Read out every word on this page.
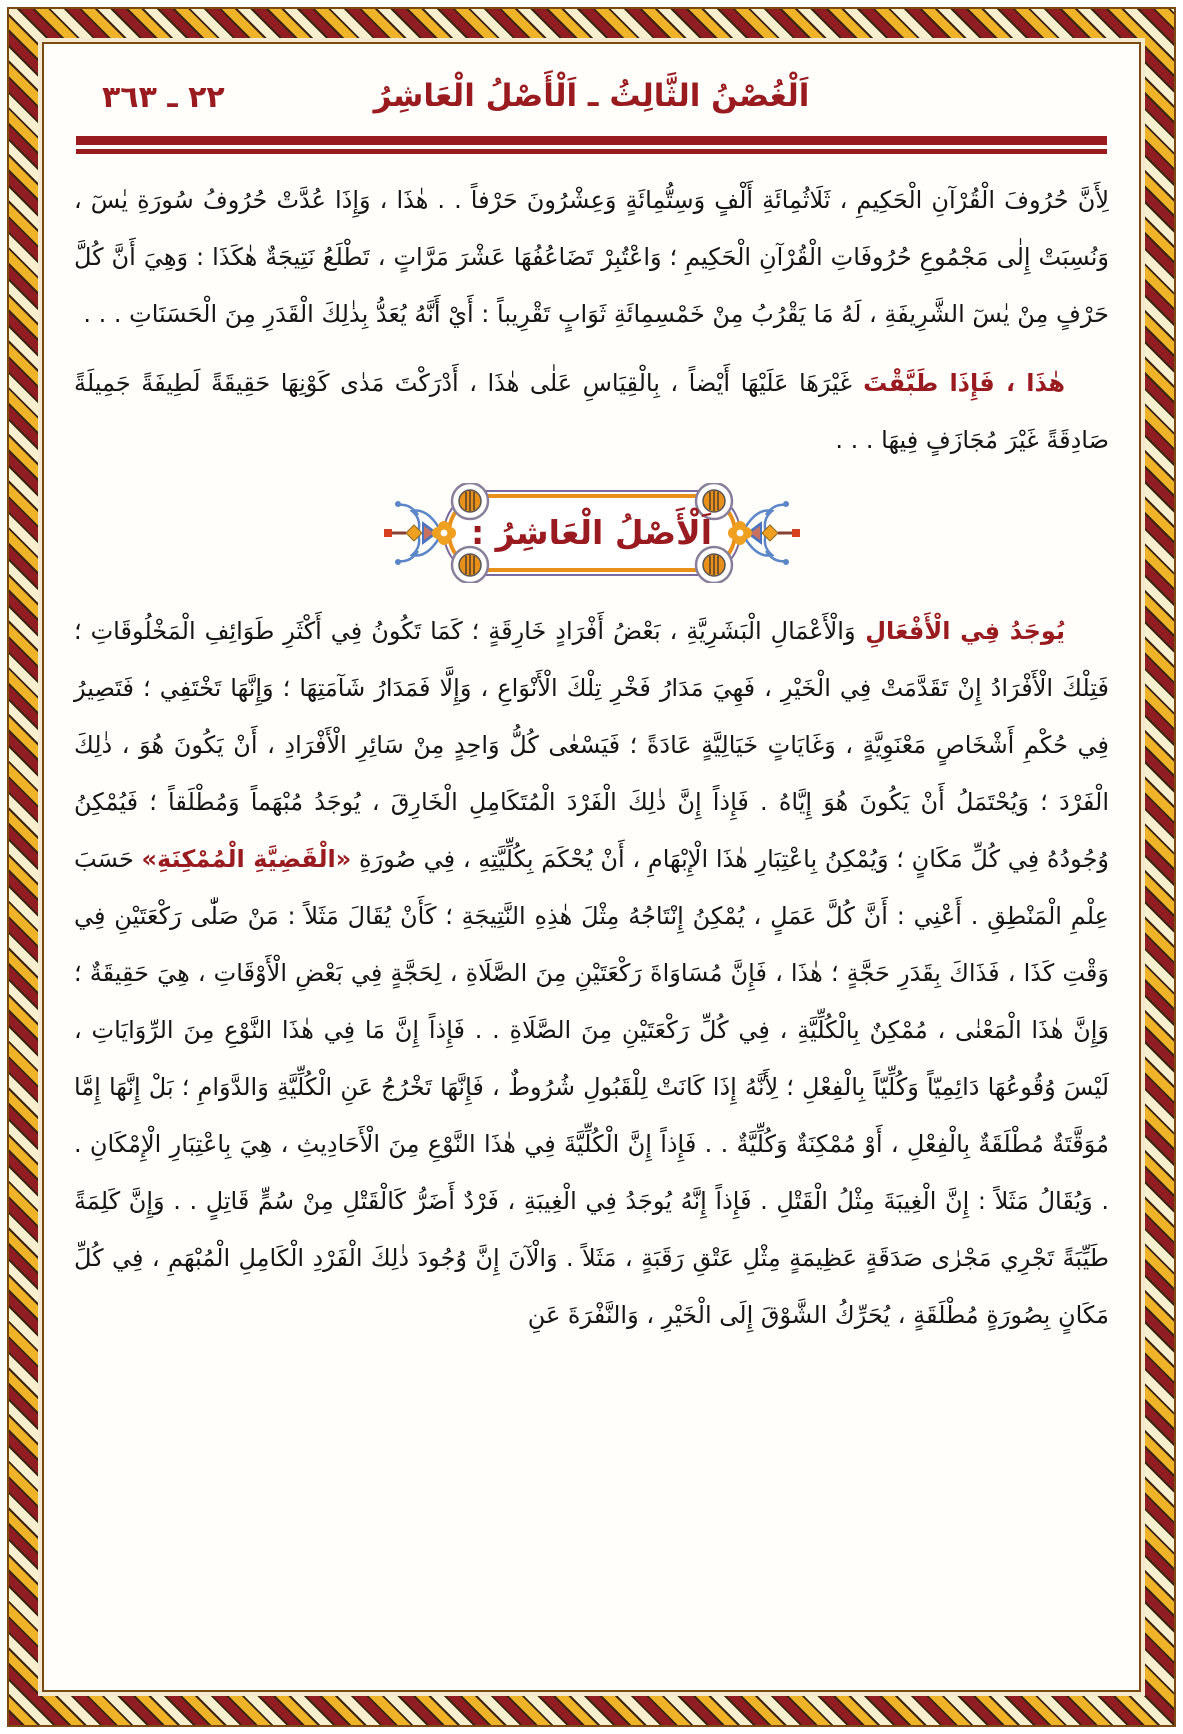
اَلْغُصْنُ الثَّالِثُ ـ اَلْأَصْلُ الْعَاشِرُ
٢٢ ـ ٣٦٣

لِأَنَّ حُرُوفَ الْقُرْآنِ الْحَكِيمِ ، ثَلَاثُمِائَةِ أَلْفٍ وَسِتُّمِائَةٍ وَعِشْرُونَ حَرْفاً . . هٰذَا ، وَإِذَا عُدَّتْ حُرُوفُ سُورَةِ يٰسٓ ، وَنُسِبَتْ إِلٰى مَجْمُوعِ حُرُوفَاتِ الْقُرْآنِ الْحَكِيمِ ؛ وَاعْتُبِرْ تَضَاعُفُهَا عَشْرَ مَرَّاتٍ ، تَطْلَعُ نَتِيجَةٌ هٰكَذَا : وَهِيَ أَنَّ كُلَّ حَرْفٍ مِنْ يٰسٓ الشَّرِيفَةِ ، لَهُ مَا يَقْرُبُ مِنْ خَمْسِمِائَةِ ثَوَابٍ تَقْرِيباً : أَيْ أَنَّهُ يُعَدُّ بِذٰلِكَ الْقَدَرِ مِنَ الْحَسَنَاتِ . . .

هٰذَا ، فَإِذَا طَبَّقْتَ غَيْرَهَا عَلَيْهَا أَيْضاً ، بِالْقِيَاسِ عَلٰى هٰذَا ، أَدْرَكْتَ مَدٰى كَوْنِهَا حَقِيقَةً لَطِيفَةً جَمِيلَةً صَادِقَةً غَيْرَ مُجَازَفٍ فِيهَا . . .

اَلْأَصْلُ الْعَاشِرُ :

يُوجَدُ فِي الْأَفْعَالِ وَالْأَعْمَالِ الْبَشَرِيَّةِ ، بَعْضُ أَفْرَادٍ خَارِقَةٍ ؛ كَمَا تَكُونُ فِي أَكْثَرِ طَوَائِفِ الْمَخْلُوقَاتِ ؛ فَتِلْكَ الْأَفْرَادُ إِنْ تَقَدَّمَتْ فِي الْخَيْرِ ، فَهِيَ مَدَارُ فَخْرِ تِلْكَ الْأَنْوَاعِ ، وَإِلَّا فَمَدَارُ شَآمَتِهَا ؛ وَإِنَّهَا تَخْتَفِي ؛ فَتَصِيرُ فِي حُكْمِ أَشْخَاصٍ مَعْنَوِيَّةٍ ، وَغَايَاتٍ خَيَالِيَّةٍ عَادَةً ؛ فَيَسْعٰى كُلُّ وَاحِدٍ مِنْ سَائِرِ الْأَفْرَادِ ، أَنْ يَكُونَ هُوَ ، ذٰلِكَ الْفَرْدَ ؛ وَيُحْتَمَلُ أَنْ يَكُونَ هُوَ إِيَّاهُ . فَإِذاً إِنَّ ذٰلِكَ الْفَرْدَ الْمُتَكَامِلِ الْخَارِقَ ، يُوجَدُ مُبْهَماً وَمُطْلَقاً ؛ فَيُمْكِنُ وُجُودُهُ فِي كُلِّ مَكَانٍ ؛ وَيُمْكِنُ بِاعْتِبَارِ هٰذَا الْإِبْهَامِ ، أَنْ يُحْكَمَ بِكُلِّيَّتِهِ ، فِي صُورَةِ «الْقَضِيَّةِ الْمُمْكِنَةِ» حَسَبَ عِلْمِ الْمَنْطِقِ . أَعْنِي : أَنَّ كُلَّ عَمَلٍ ، يُمْكِنُ إِنْتَاجُهُ مِثْلَ هٰذِهِ النَّتِيجَةِ ؛ كَأَنْ يُقَالَ مَثَلاً : مَنْ صَلّٰى رَكْعَتَيْنِ فِي وَقْتِ كَذَا ، فَذَاكَ بِقَدَرِ حَجَّةٍ ؛ هٰذَا ، فَإِنَّ مُسَاوَاةَ رَكْعَتَيْنِ مِنَ الصَّلَاةِ ، لِحَجَّةٍ فِي بَعْضِ الْأَوْقَاتِ ، هِيَ حَقِيقَةٌ ؛ وَإِنَّ هٰذَا الْمَعْنٰى ، مُمْكِنٌ بِالْكُلِّيَّةِ ، فِي كُلِّ رَكْعَتَيْنِ مِنَ الصَّلَاةِ . . فَإِذاً إِنَّ مَا فِي هٰذَا النَّوْعِ مِنَ الرِّوَايَاتِ ، لَيْسَ وُقُوعُهَا دَائِمِيّاً وَكُلِّيّاً بِالْفِعْلِ ؛ لِأَنَّهُ إِذَا كَانَتْ لِلْقَبُولِ شُرُوطٌ ، فَإِنَّهَا تَخْرُجُ عَنِ الْكُلِّيَّةِ وَالدَّوَامِ ؛ بَلْ إِنَّهَا إِمَّا مُوَقَّتَةٌ مُطْلَقَةٌ بِالْفِعْلِ ، أَوْ مُمْكِنَةٌ وَكُلِّيَّةٌ . . فَإِذاً إِنَّ الْكُلِّيَّةَ فِي هٰذَا النَّوْعِ مِنَ الْأَحَادِيثِ ، هِيَ بِاعْتِبَارِ الْإِمْكَانِ . . وَيُقَالُ مَثَلاً : إِنَّ الْغِيبَةَ مِثْلُ الْقَتْلِ . فَإِذاً إِنَّهُ يُوجَدُ فِي الْغِيبَةِ ، فَرْدٌ أَضَرُّ كَالْقَتْلِ مِنْ سُمٍّ قَاتِلٍ . . وَإِنَّ كَلِمَةً طَيِّبَةً تَجْرِي مَجْرٰى صَدَقَةٍ عَظِيمَةٍ مِثْلِ عَتْقِ رَقَبَةٍ ، مَثَلاً . وَالْآنَ إِنَّ وُجُودَ ذٰلِكَ الْفَرْدِ الْكَامِلِ الْمُبْهَمِ ، فِي كُلِّ مَكَانٍ بِصُورَةٍ مُطْلَقَةٍ ، يُحَرِّكُ الشَّوْقَ إِلَى الْخَيْرِ ، وَالنَّفْرَةَ عَنِ
